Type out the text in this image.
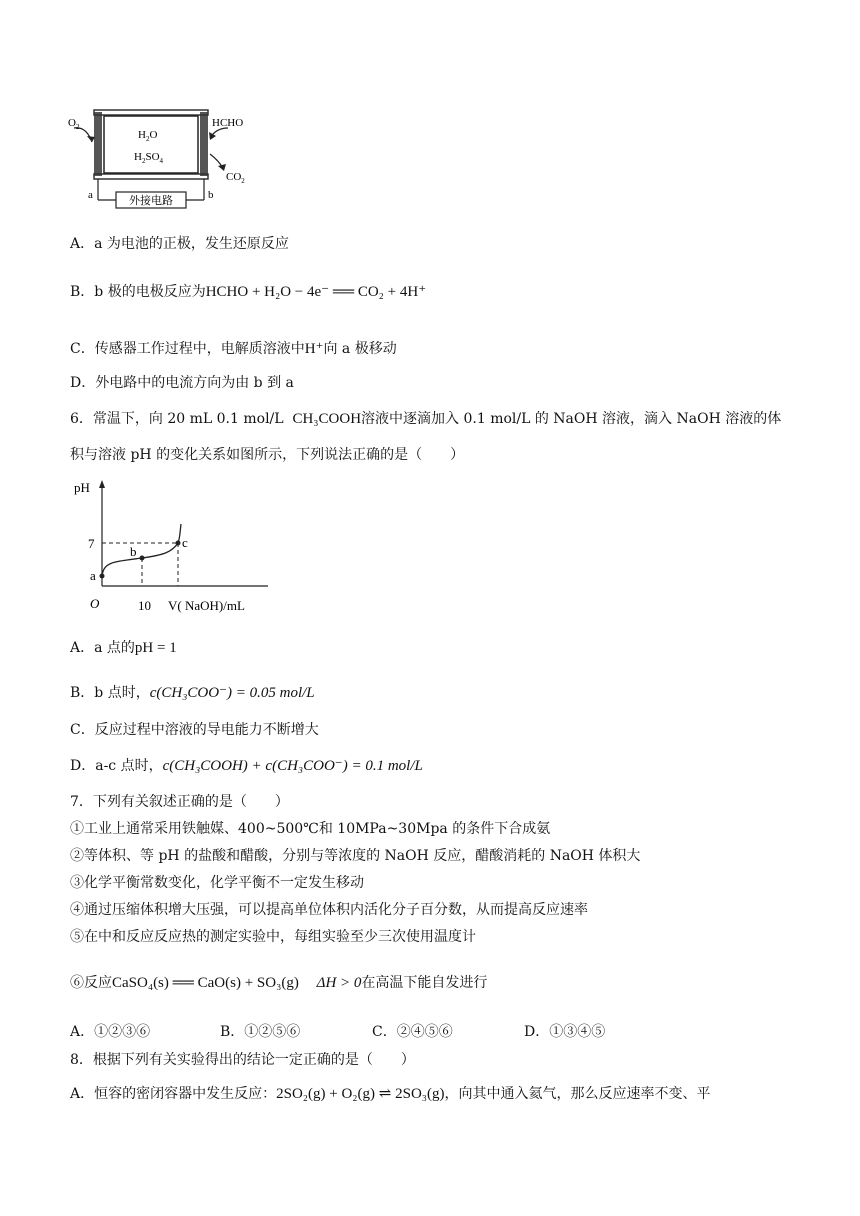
外接电路
$O_2$	HCHO
$CO_2$
$H_2O$
$H_2SO_4$
a	b
A．a 为电池的正极，发生还原反应
B．b 极的电极反应为HCHO + H₂O − 4e⁻ ══ CO₂ + 4H⁺
C．传感器工作过程中，电解质溶液中H⁺向 a 极移动
D．外电路中的电流方向为由 b 到 a
6．常温下，向 20 mL 0.1 mol/L CH₃COOH溶液中逐滴加入 0.1 mol/L 的 NaOH 溶液，滴入 NaOH 溶液的体
积与溶液 pH 的变化关系如图所示，下列说法正确的是（　　）
pH
7
O	10 V( NaOH)/mL
a
b
c
A．a 点的pH = 1
B．b 点时，c(CH₃COO⁻) = 0.05 mol/L
C．反应过程中溶液的导电能力不断增大
D．a-c 点时，c(CH₃COOH) + c(CH₃COO⁻) = 0.1 mol/L
7．下列有关叙述正确的是（　　）
①工业上通常采用铁触媒、400~500℃和 10MPa~30Mpa 的条件下合成氨
②等体积、等 pH 的盐酸和醋酸，分别与等浓度的 NaOH 反应，醋酸消耗的 NaOH 体积大
③化学平衡常数变化，化学平衡不一定发生移动
④通过压缩体积增大压强，可以提高单位体积内活化分子百分数，从而提高反应速率
⑤在中和反应反应热的测定实验中，每组实验至少三次使用温度计
⑥反应CaSO₄(s) ══ CaO(s) + SO₃(g) ΔH > 0在高温下能自发进行
A．①②③⑥	B．①②⑤⑥	C．②④⑤⑥	D．①③④⑤
8．根据下列有关实验得出的结论一定正确的是（　　）
A．恒容的密闭容器中发生反应：2SO₂(g) + O₂(g) ⇌ 2SO₃(g)，向其中通入氦气，那么反应速率不变、平
